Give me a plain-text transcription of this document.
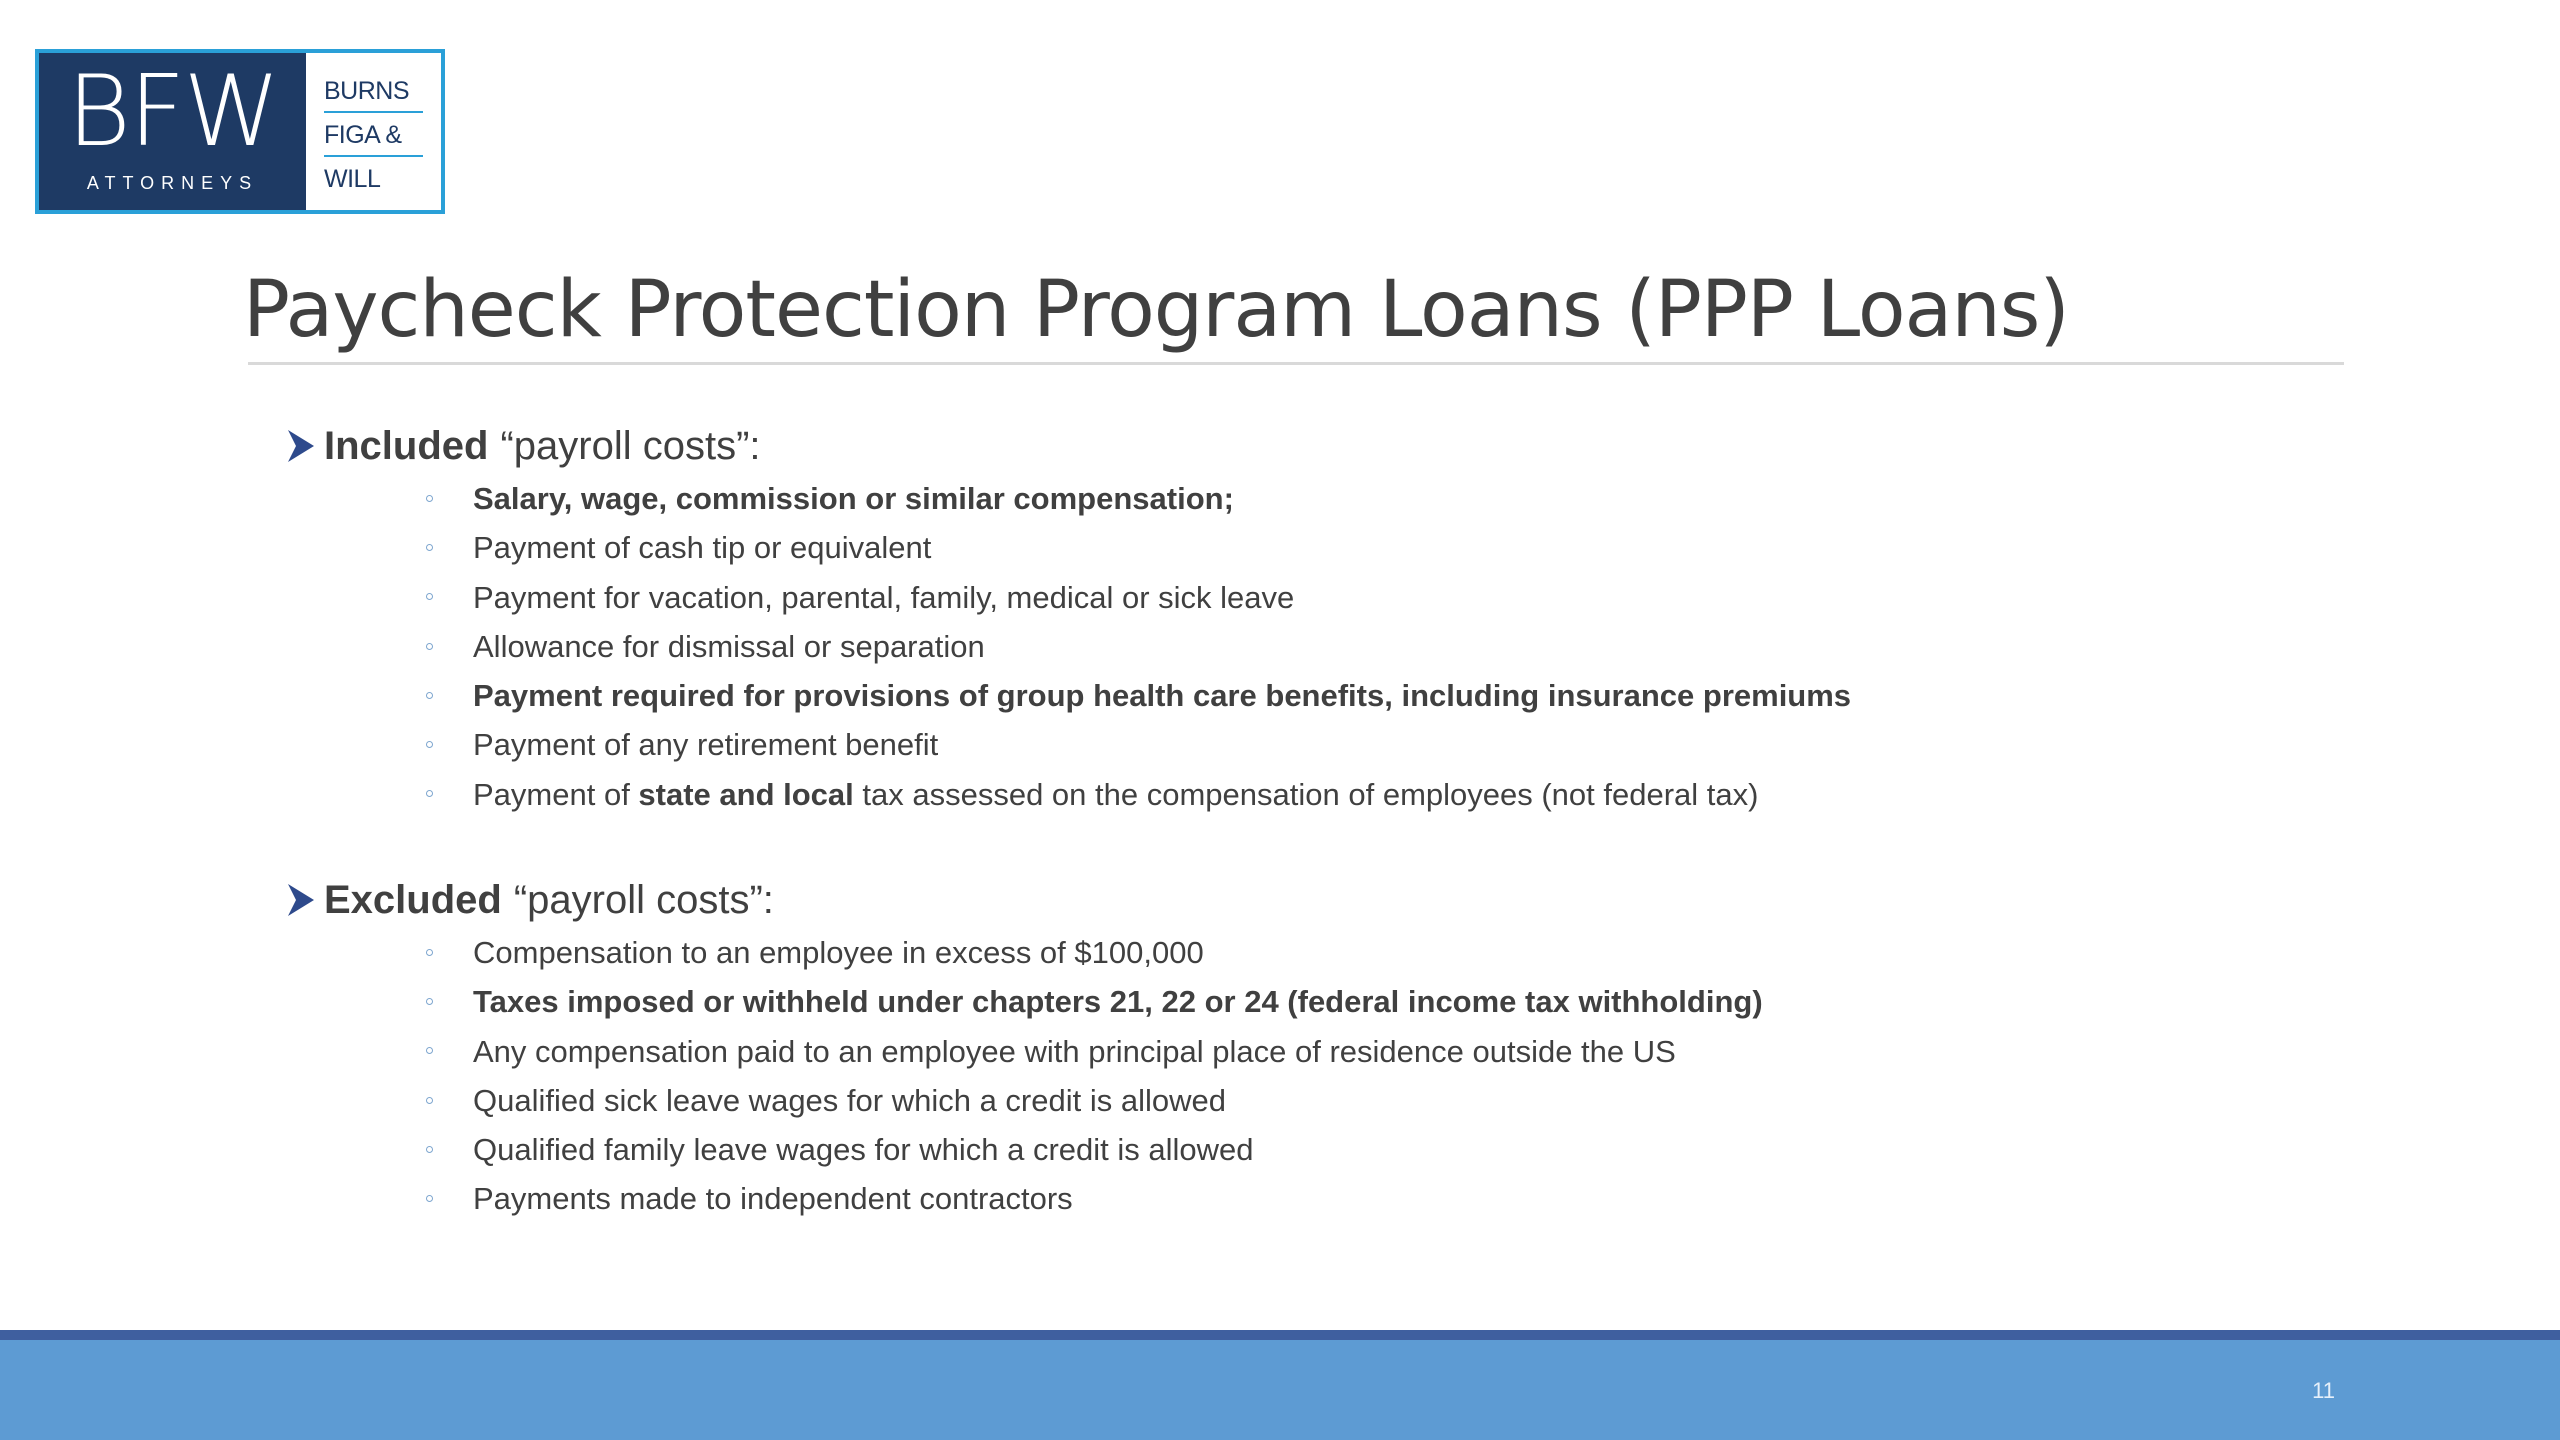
BFW
ATTORNEYS
BURNS
FIGA &
WILL
Paycheck Protection Program Loans (PPP Loans)
Included “payroll costs”:
Salary, wage, commission or similar compensation;
Payment of cash tip or equivalent
Payment for vacation, parental, family, medical or sick leave
Allowance for dismissal or separation
Payment required for provisions of group health care benefits, including insurance premiums
Payment of any retirement benefit
Payment of state and local tax assessed on the compensation of employees (not federal tax)
Excluded “payroll costs”:
Compensation to an employee in excess of $100,000
Taxes imposed or withheld under chapters 21, 22 or 24 (federal income tax withholding)
Any compensation paid to an employee with principal place of residence outside the US
Qualified sick leave wages for which a credit is allowed
Qualified family leave wages for which a credit is allowed
Payments made to independent contractors
11
